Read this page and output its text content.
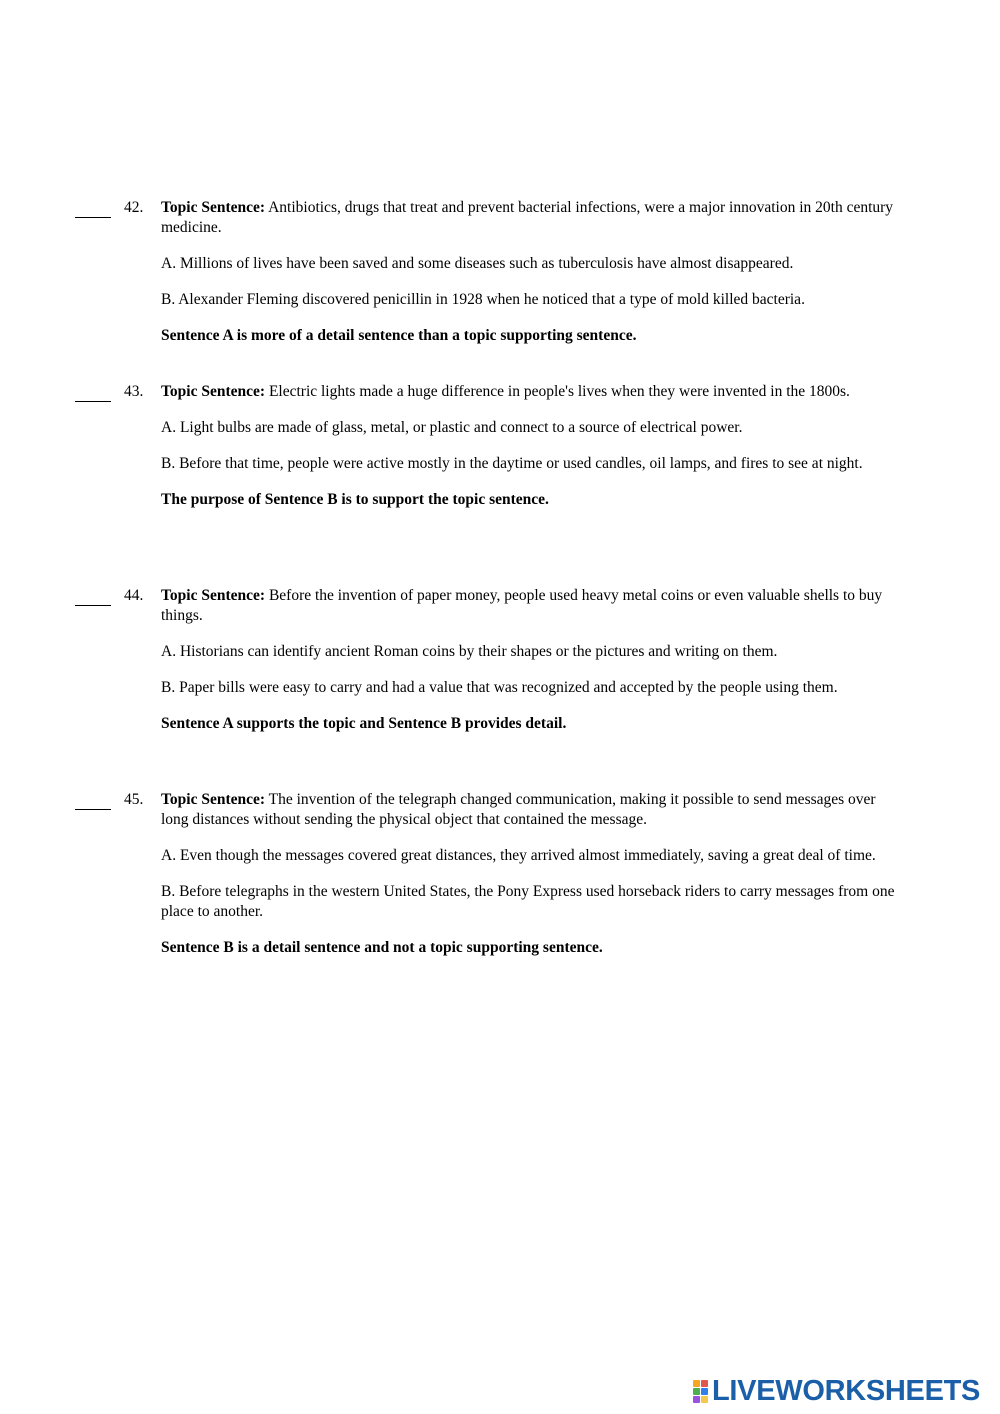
42.	Topic Sentence: Antibiotics, drugs that treat and prevent bacterial infections, were a major innovation in 20th century medicine.

A. Millions of lives have been saved and some diseases such as tuberculosis have almost disappeared.

B. Alexander Fleming discovered penicillin in 1928 when he noticed that a type of mold killed bacteria.

Sentence A is more of a detail sentence than a topic supporting sentence.

43.	Topic Sentence: Electric lights made a huge difference in people's lives when they were invented in the 1800s.

A. Light bulbs are made of glass, metal, or plastic and connect to a source of electrical power.

B. Before that time, people were active mostly in the daytime or used candles, oil lamps, and fires to see at night.

The purpose of Sentence B is to support the topic sentence.

44.	Topic Sentence: Before the invention of paper money, people used heavy metal coins or even valuable shells to buy things.

A. Historians can identify ancient Roman coins by their shapes or the pictures and writing on them.

B. Paper bills were easy to carry and had a value that was recognized and accepted by the people using them.

Sentence A supports the topic and Sentence B provides detail.

45.	Topic Sentence: The invention of the telegraph changed communication, making it possible to send messages over long distances without sending the physical object that contained the message.

A. Even though the messages covered great distances, they arrived almost immediately, saving a great deal of time.

B. Before telegraphs in the western United States, the Pony Express used horseback riders to carry messages from one place to another.

Sentence B is a detail sentence and not a topic supporting sentence.

LIVEWORKSHEETS
